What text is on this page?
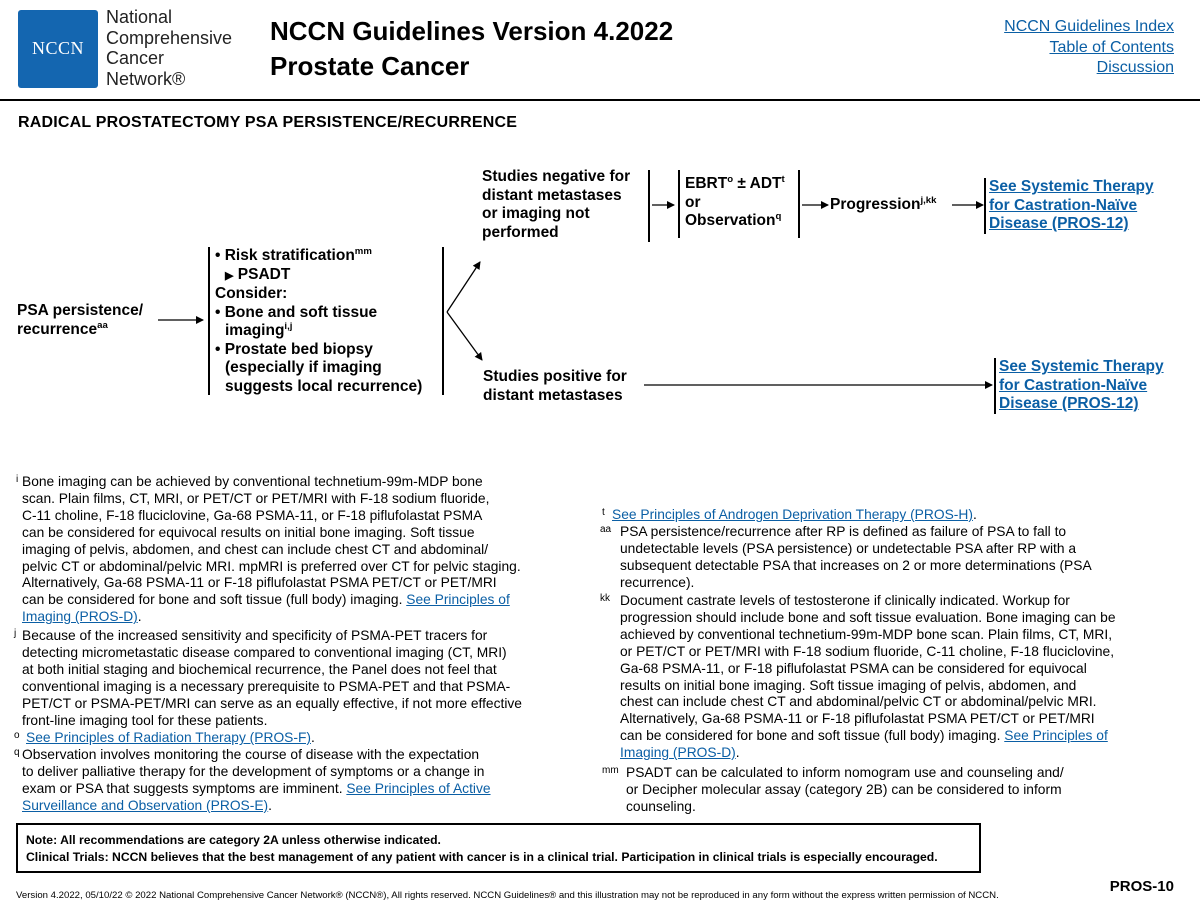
NCCN
National
Comprehensive
Cancer
Network®
NCCN Guidelines Version 4.2022
Prostate Cancer
NCCN Guidelines Index
Table of Contents
Discussion
RADICAL PROSTATECTOMY PSA PERSISTENCE/RECURRENCE
PSA persistence/
recurrence$^{aa}$
• Risk stratification$^{mm}$
▶ PSADT
Consider:
• Bone and soft tissue
imaging$^{i,j}$
• Prostate bed biopsy
(especially if imaging
suggests local recurrence)
Studies negative for
distant metastases
or imaging not
performed
$EBRT^o \pm ADT^t$
or
Observation$^q$
Progression$^{j,kk}$
See Systemic Therapy
for Castration-Naïve
Disease (PROS-12)
Studies positive for
distant metastases
See Systemic Therapy
for Castration-Naïve
Disease (PROS-12)
i Bone imaging can be achieved by conventional technetium-99m-MDP bone
scan. Plain films, CT, MRI, or PET/CT or PET/MRI with F-18 sodium fluoride,
C-11 choline, F-18 fluciclovine, Ga-68 PSMA-11, or F-18 piflufolastat PSMA
can be considered for equivocal results on initial bone imaging. Soft tissue
imaging of pelvis, abdomen, and chest can include chest CT and abdominal/
pelvic CT or abdominal/pelvic MRI. mpMRI is preferred over CT for pelvic staging.
Alternatively, Ga-68 PSMA-11 or F-18 piflufolastat PSMA PET/CT or PET/MRI
can be considered for bone and soft tissue (full body) imaging. See Principles of
Imaging (PROS-D).
j Because of the increased sensitivity and specificity of PSMA-PET tracers for
detecting micrometastatic disease compared to conventional imaging (CT, MRI)
at both initial staging and biochemical recurrence, the Panel does not feel that
conventional imaging is a necessary prerequisite to PSMA-PET and that PSMA-
PET/CT or PSMA-PET/MRI can serve as an equally effective, if not more effective
front-line imaging tool for these patients.
o See Principles of Radiation Therapy (PROS-F).
q Observation involves monitoring the course of disease with the expectation
to deliver palliative therapy for the development of symptoms or a change in
exam or PSA that suggests symptoms are imminent. See Principles of Active
Surveillance and Observation (PROS-E).
t See Principles of Androgen Deprivation Therapy (PROS-H).
aa PSA persistence/recurrence after RP is defined as failure of PSA to fall to
undetectable levels (PSA persistence) or undetectable PSA after RP with a
subsequent detectable PSA that increases on 2 or more determinations (PSA
recurrence).
kk Document castrate levels of testosterone if clinically indicated. Workup for
progression should include bone and soft tissue evaluation. Bone imaging can be
achieved by conventional technetium-99m-MDP bone scan. Plain films, CT, MRI,
or PET/CT or PET/MRI with F-18 sodium fluoride, C-11 choline, F-18 fluciclovine,
Ga-68 PSMA-11, or F-18 piflufolastat PSMA can be considered for equivocal
results on initial bone imaging. Soft tissue imaging of pelvis, abdomen, and
chest can include chest CT and abdominal/pelvic CT or abdominal/pelvic MRI.
Alternatively, Ga-68 PSMA-11 or F-18 piflufolastat PSMA PET/CT or PET/MRI
can be considered for bone and soft tissue (full body) imaging. See Principles of
Imaging (PROS-D).
mm PSADT can be calculated to inform nomogram use and counseling and/
or Decipher molecular assay (category 2B) can be considered to inform
counseling.
Note: All recommendations are category 2A unless otherwise indicated.
Clinical Trials: NCCN believes that the best management of any patient with cancer is in a clinical trial. Participation in clinical trials is especially encouraged.
Version 4.2022, 05/10/22 © 2022 National Comprehensive Cancer Network® (NCCN®), All rights reserved. NCCN Guidelines® and this illustration may not be reproduced in any form without the express written permission of NCCN.
PROS-10
